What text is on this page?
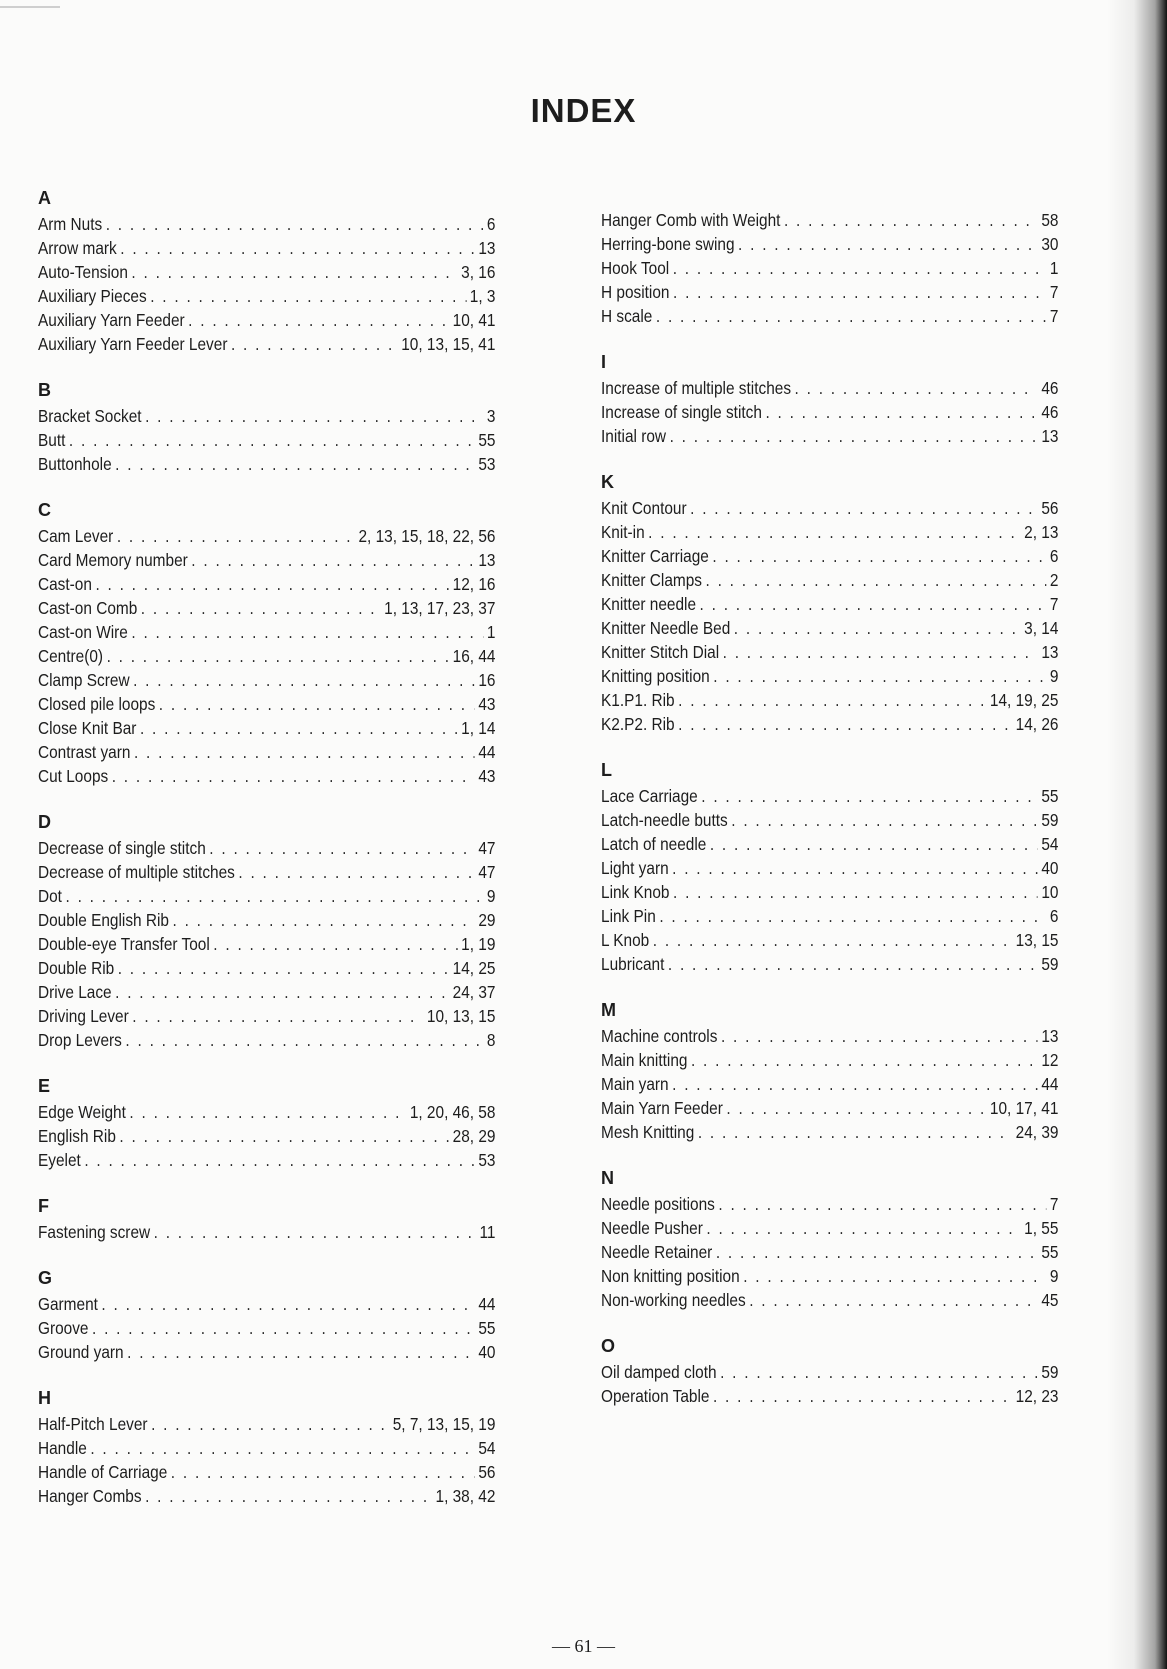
INDEX
A
Arm Nuts . . .	6
Arrow mark . . .	13
Auto-Tension . . .	3, 16
Auxiliary Pieces . . .	1, 3
Auxiliary Yarn Feeder . . .	10, 41
Auxiliary Yarn Feeder Lever . . .	10, 13, 15, 41
B
Bracket Socket . . .	3
Butt . . .	55
Buttonhole . . .	53
C
Cam Lever . . .	2, 13, 15, 18, 22, 56
Card Memory number . . .	13
Cast-on . . .	12, 16
Cast-on Comb . . .	1, 13, 17, 23, 37
Cast-on Wire . . .	1
Centre(0) . . .	16, 44
Clamp Screw . . .	16
Closed pile loops . . .	43
Close Knit Bar . . .	1, 14
Contrast yarn . . .	44
Cut Loops . . .	43
D
Decrease of single stitch . . .	47
Decrease of multiple stitches . . .	47
Dot . . .	9
Double English Rib . . .	29
Double-eye Transfer Tool . . .	1, 19
Double Rib . . .	14, 25
Drive Lace . . .	24, 37
Driving Lever . . .	10, 13, 15
Drop Levers . . .	8
E
Edge Weight . . .	1, 20, 46, 58
English Rib . . .	28, 29
Eyelet . . .	53
F
Fastening screw . . .	11
G
Garment . . .	44
Groove . . .	55
Ground yarn . . .	40
H
Half-Pitch Lever . . .	5, 7, 13, 15, 19
Handle . . .	54
Handle of Carriage . . .	56
Hanger Combs . . .	1, 38, 42
Hanger Comb with Weight . . .	58
Herring-bone swing . . .	30
Hook Tool . . .	1
H position . . .	7
H scale . . .	7
I
Increase of multiple stitches . . .	46
Increase of single stitch . . .	46
Initial row . . .	13
K
Knit Contour . . .	56
Knit-in . . .	2, 13
Knitter Carriage . . .	6
Knitter Clamps . . .	2
Knitter needle . . .	7
Knitter Needle Bed . . .	3, 14
Knitter Stitch Dial . . .	13
Knitting position . . .	9
K1.P1. Rib . . .	14, 19, 25
K2.P2. Rib . . .	14, 26
L
Lace Carriage . . .	55
Latch-needle butts . . .	59
Latch of needle . . .	54
Light yarn . . .	40
Link Knob . . .	10
Link Pin . . .	6
L Knob . . .	13, 15
Lubricant . . .	59
M
Machine controls . . .	13
Main knitting . . .	12
Main yarn . . .	44
Main Yarn Feeder . . .	10, 17, 41
Mesh Knitting . . .	24, 39
N
Needle positions . . .	7
Needle Pusher . . .	1, 55
Needle Retainer . . .	55
Non knitting position . . .	9
Non-working needles . . .	45
O
Oil damped cloth . . .	59
Operation Table . . .	12, 23
— 61 —
